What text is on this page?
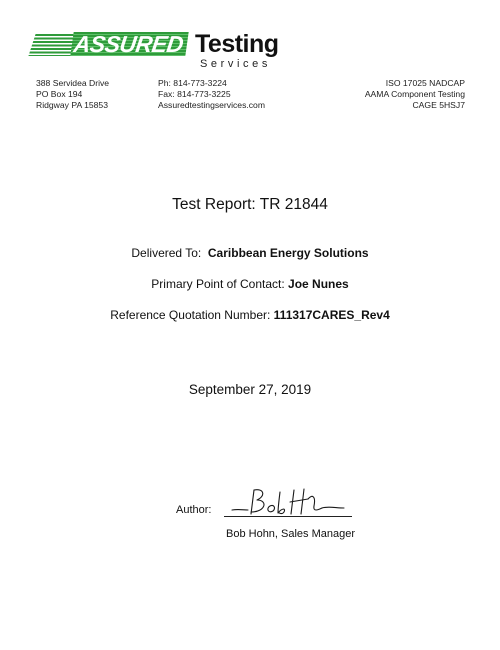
ASSURED Testing
Services
388 Servidea Drive
PO Box 194
Ridgway PA 15853
Ph: 814-773-3224
Fax: 814-773-3225
Assuredtestingservices.com
ISO 17025 NADCAP
AAMA Component Testing
CAGE 5HSJ7
Test Report: TR 21844
Delivered To: Caribbean Energy Solutions
Primary Point of Contact: Joe Nunes
Reference Quotation Number: 111317CARES_Rev4
September 27, 2019
Author:
Bob Hohn, Sales Manager
